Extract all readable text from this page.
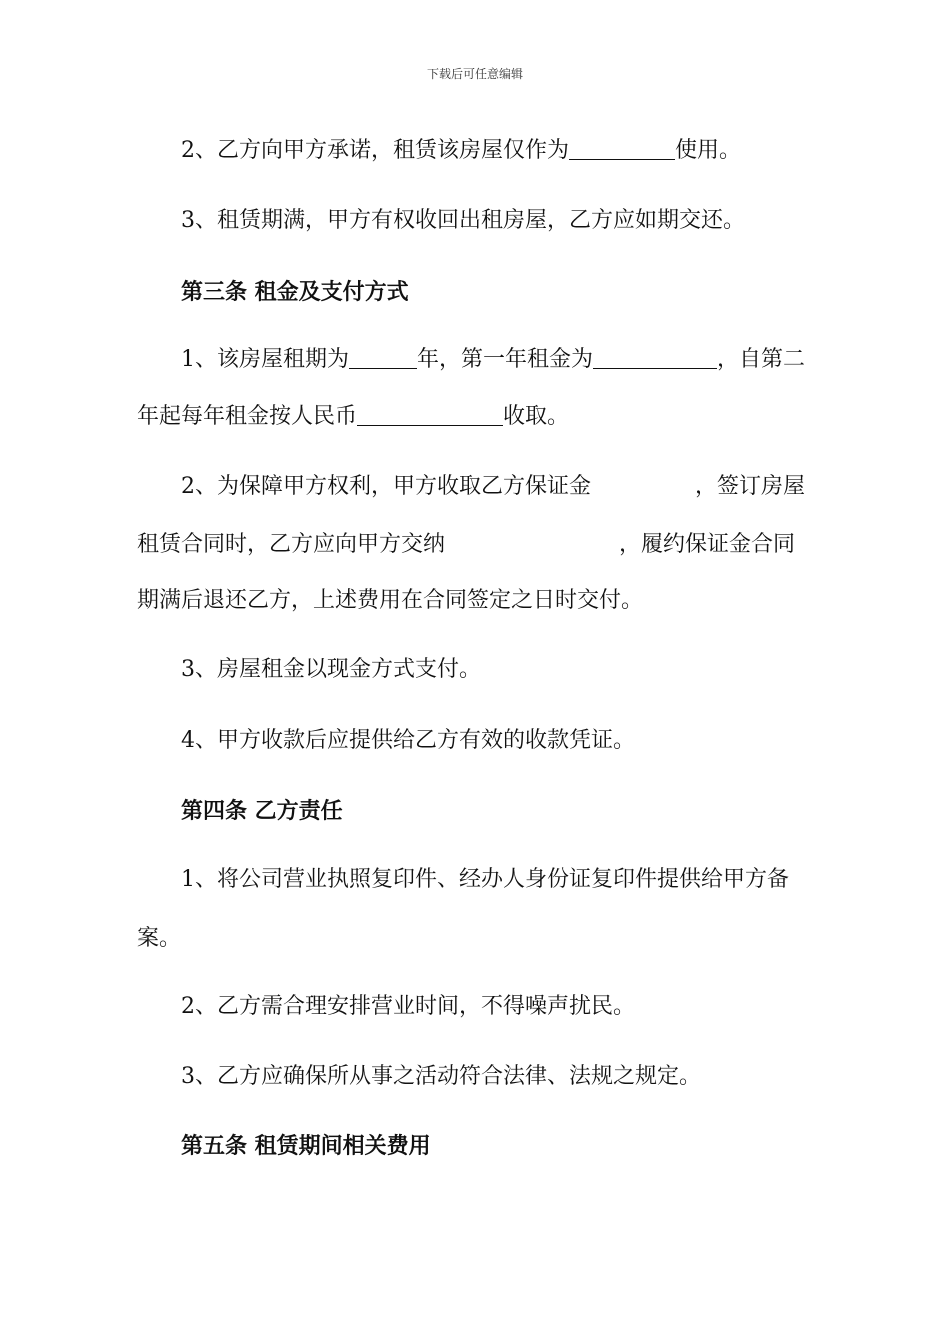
下载后可任意编辑
2、乙方向甲方承诺，租赁该房屋仅作为	使用。
3、租赁期满，甲方有权收回出租房屋，乙方应如期交还。
第三条 租金及支付方式
1、该房屋租期为	年，第一年租金为	，自第二
年起每年租金按人民币	收取。
2、为保障甲方权利，甲方收取乙方保证金	，签订房屋
租赁合同时，乙方应向甲方交纳	，履约保证金合同
期满后退还乙方，上述费用在合同签定之日时交付。
3、房屋租金以现金方式支付。
4、甲方收款后应提供给乙方有效的收款凭证。
第四条 乙方责任
1、将公司营业执照复印件、经办人身份证复印件提供给甲方备
案。
2、乙方需合理安排营业时间，不得噪声扰民。
3、乙方应确保所从事之活动符合法律、法规之规定。
第五条 租赁期间相关费用
